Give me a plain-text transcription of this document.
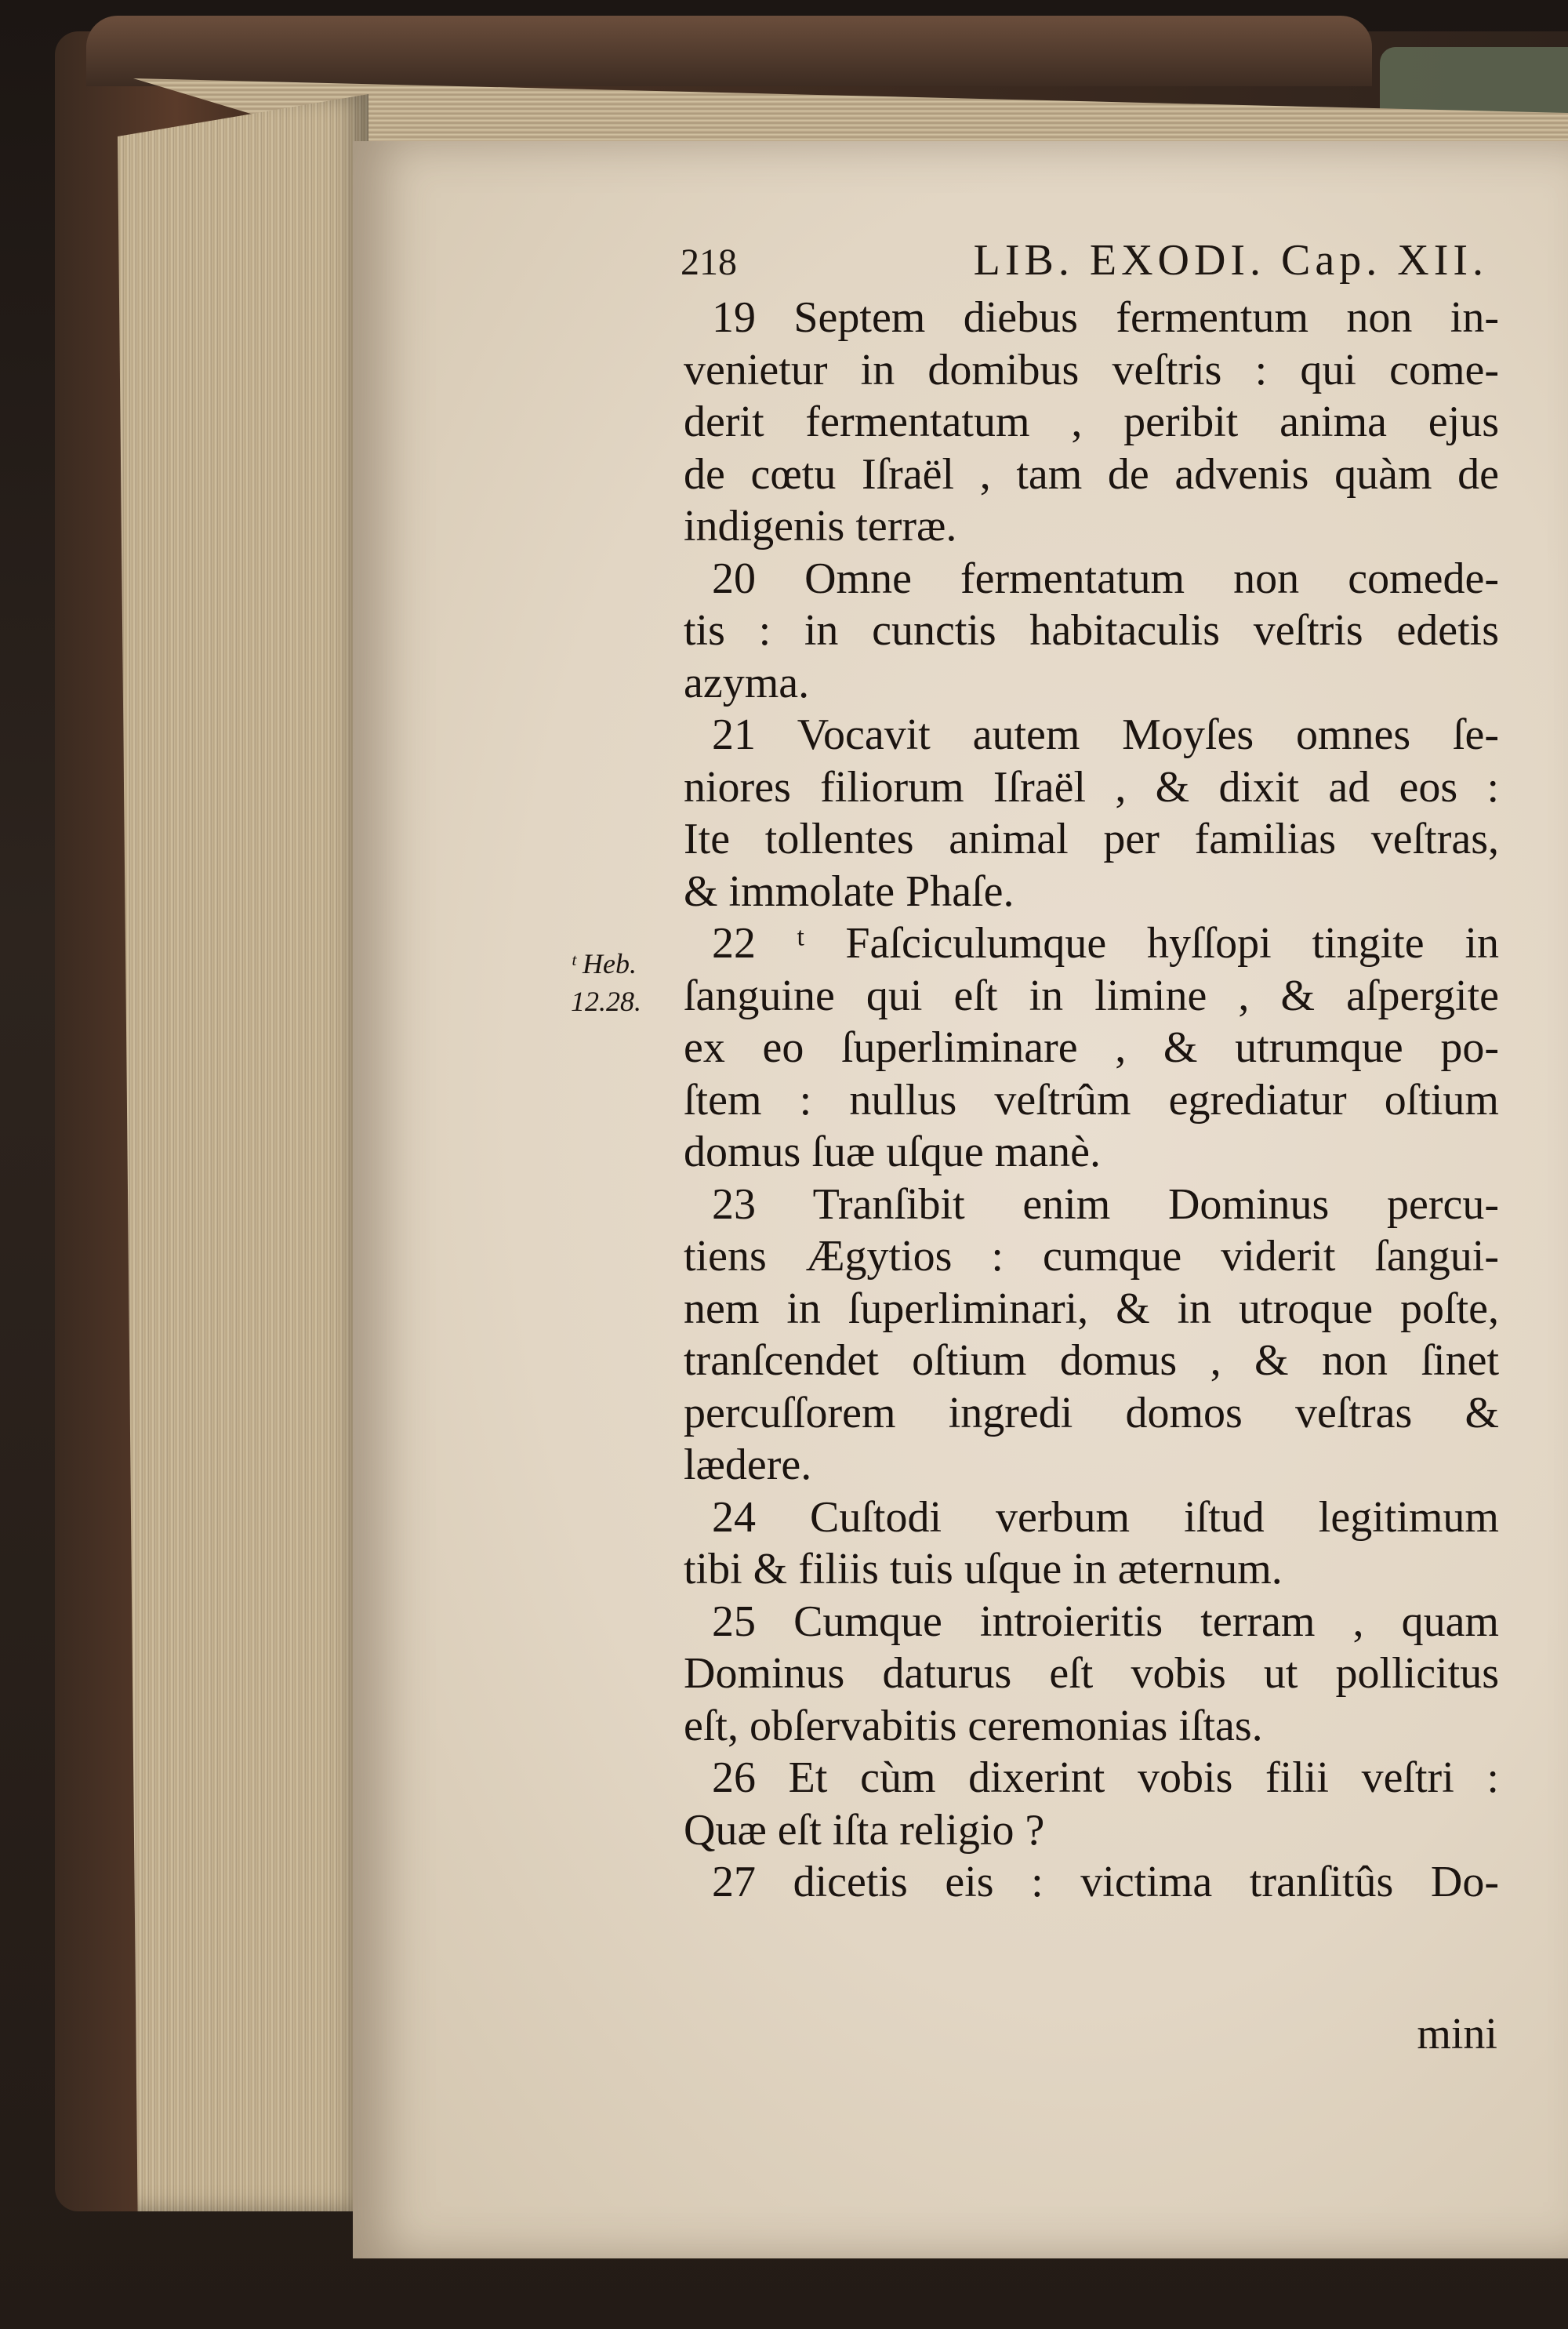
218	LIB. EXODI. Cap. XII.
ᵗ Heb.
12.28.
19 Septem diebus fermentum non in-
venietur in domibus veſtris : qui come-
derit fermentatum , peribit anima ejus
de cœtu Iſraël , tam de advenis quàm de
indigenis terræ.
20 Omne fermentatum non comede-
tis : in cunctis habitaculis veſtris edetis
azyma.
21 Vocavit autem Moyſes omnes ſe-
niores filiorum Iſraël , & dixit ad eos :
Ite tollentes animal per familias veſtras,
& immolate Phaſe.
22 ᵗ Faſciculumque hyſſopi tingite in
ſanguine qui eſt in limine , & aſpergite
ex eo ſuperliminare , & utrumque po-
ſtem : nullus veſtrûm egrediatur oſtium
domus ſuæ uſque manè.
23 Tranſibit enim Dominus percu-
tiens Ægytios : cumque viderit ſangui-
nem in ſuperliminari, & in utroque poſte,
tranſcendet oſtium domus , & non ſinet
percuſſorem ingredi domos veſtras &
lædere.
24 Cuſtodi verbum iſtud legitimum
tibi & filiis tuis uſque in æternum.
25 Cumque introieritis terram , quam
Dominus daturus eſt vobis ut pollicitus
eſt, obſervabitis ceremonias iſtas.
26 Et cùm dixerint vobis filii veſtri :
Quæ eſt iſta religio ?
27 dicetis eis : victima tranſitûs Do-
mini
